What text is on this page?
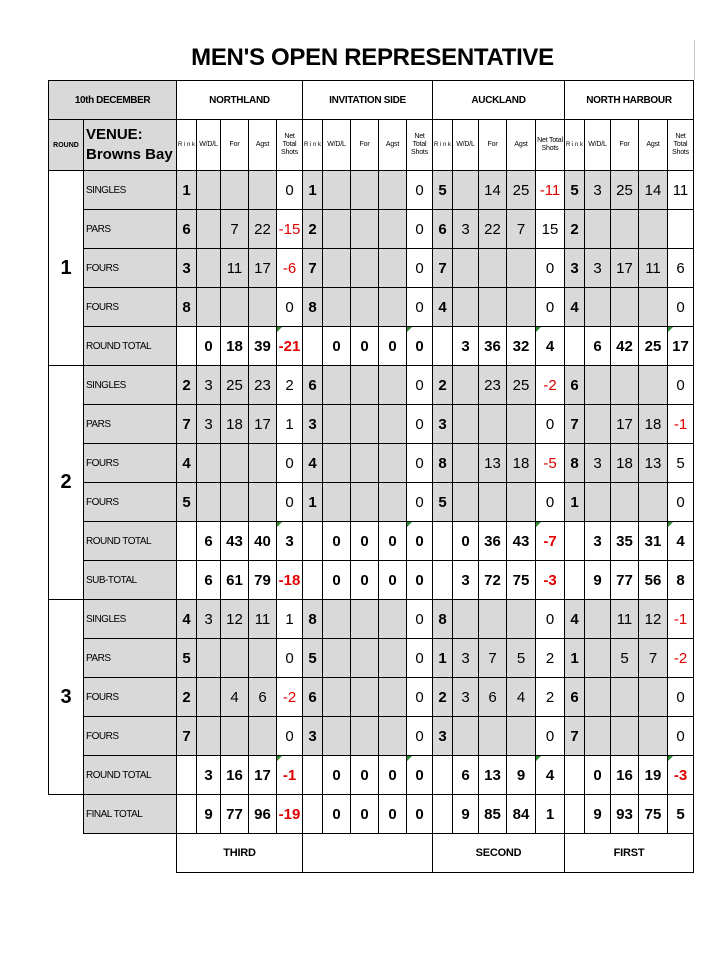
MEN'S OPEN REPRESENTATIVE
10th DECEMBER		NORTHLAND					INVITATION SIDE					AUCKLAND					NORTH HARBOUR				
ROUND	VENUE:
Browns Bay	R i n k	W/D/L	For	Agst	Net Total Shots	R i n k	W/D/L	For	Agst	Net Total Shots	R i n k	W/D/L	For	Agst	Net Total Shots	R i n k	W/D/L	For	Agst	Net Total Shots
1	SINGLES	1				0	1				0	5		14	25	-11	5	3	25	14	11
	PARS	6		7	22	-15	2				0	6	3	22	7	15	2				
	FOURS	3		11	17	-6	7				0	7				0	3	3	17	11	6
	FOURS	8				0	8				0	4				0	4				0
	ROUND TOTAL		0	18	39	-21		0	0	0	0		3	36	32	4		6	42	25	17
2	SINGLES	2	3	25	23	2	6				0	2		23	25	-2	6				0
	PARS	7	3	18	17	1	3				0	3				0	7		17	18	-1
	FOURS	4				0	4				0	8		13	18	-5	8	3	18	13	5
	FOURS	5				0	1				0	5				0	1				0
	ROUND TOTAL		6	43	40	3		0	0	0	0		0	36	43	-7		3	35	31	4
	SUB-TOTAL		6	61	79	-18		0	0	0	0		3	72	75	-3		9	77	56	8
3	SINGLES	4	3	12	11	1	8				0	8				0	4		11	12	-1
	PARS	5				0	5				0	1	3	7	5	2	1		5	7	-2
	FOURS	2		4	6	-2	6				0	2	3	6	4	2	6				0
	FOURS	7				0	3				0	3				0	7				0
	ROUND TOTAL		3	16	17	-1		0	0	0	0		6	13	9	4		0	16	19	-3
	FINAL TOTAL		9	77	96	-19		0	0	0	0		9	85	84	1		9	93	75	5
		THIRD										SECOND					FIRST				
